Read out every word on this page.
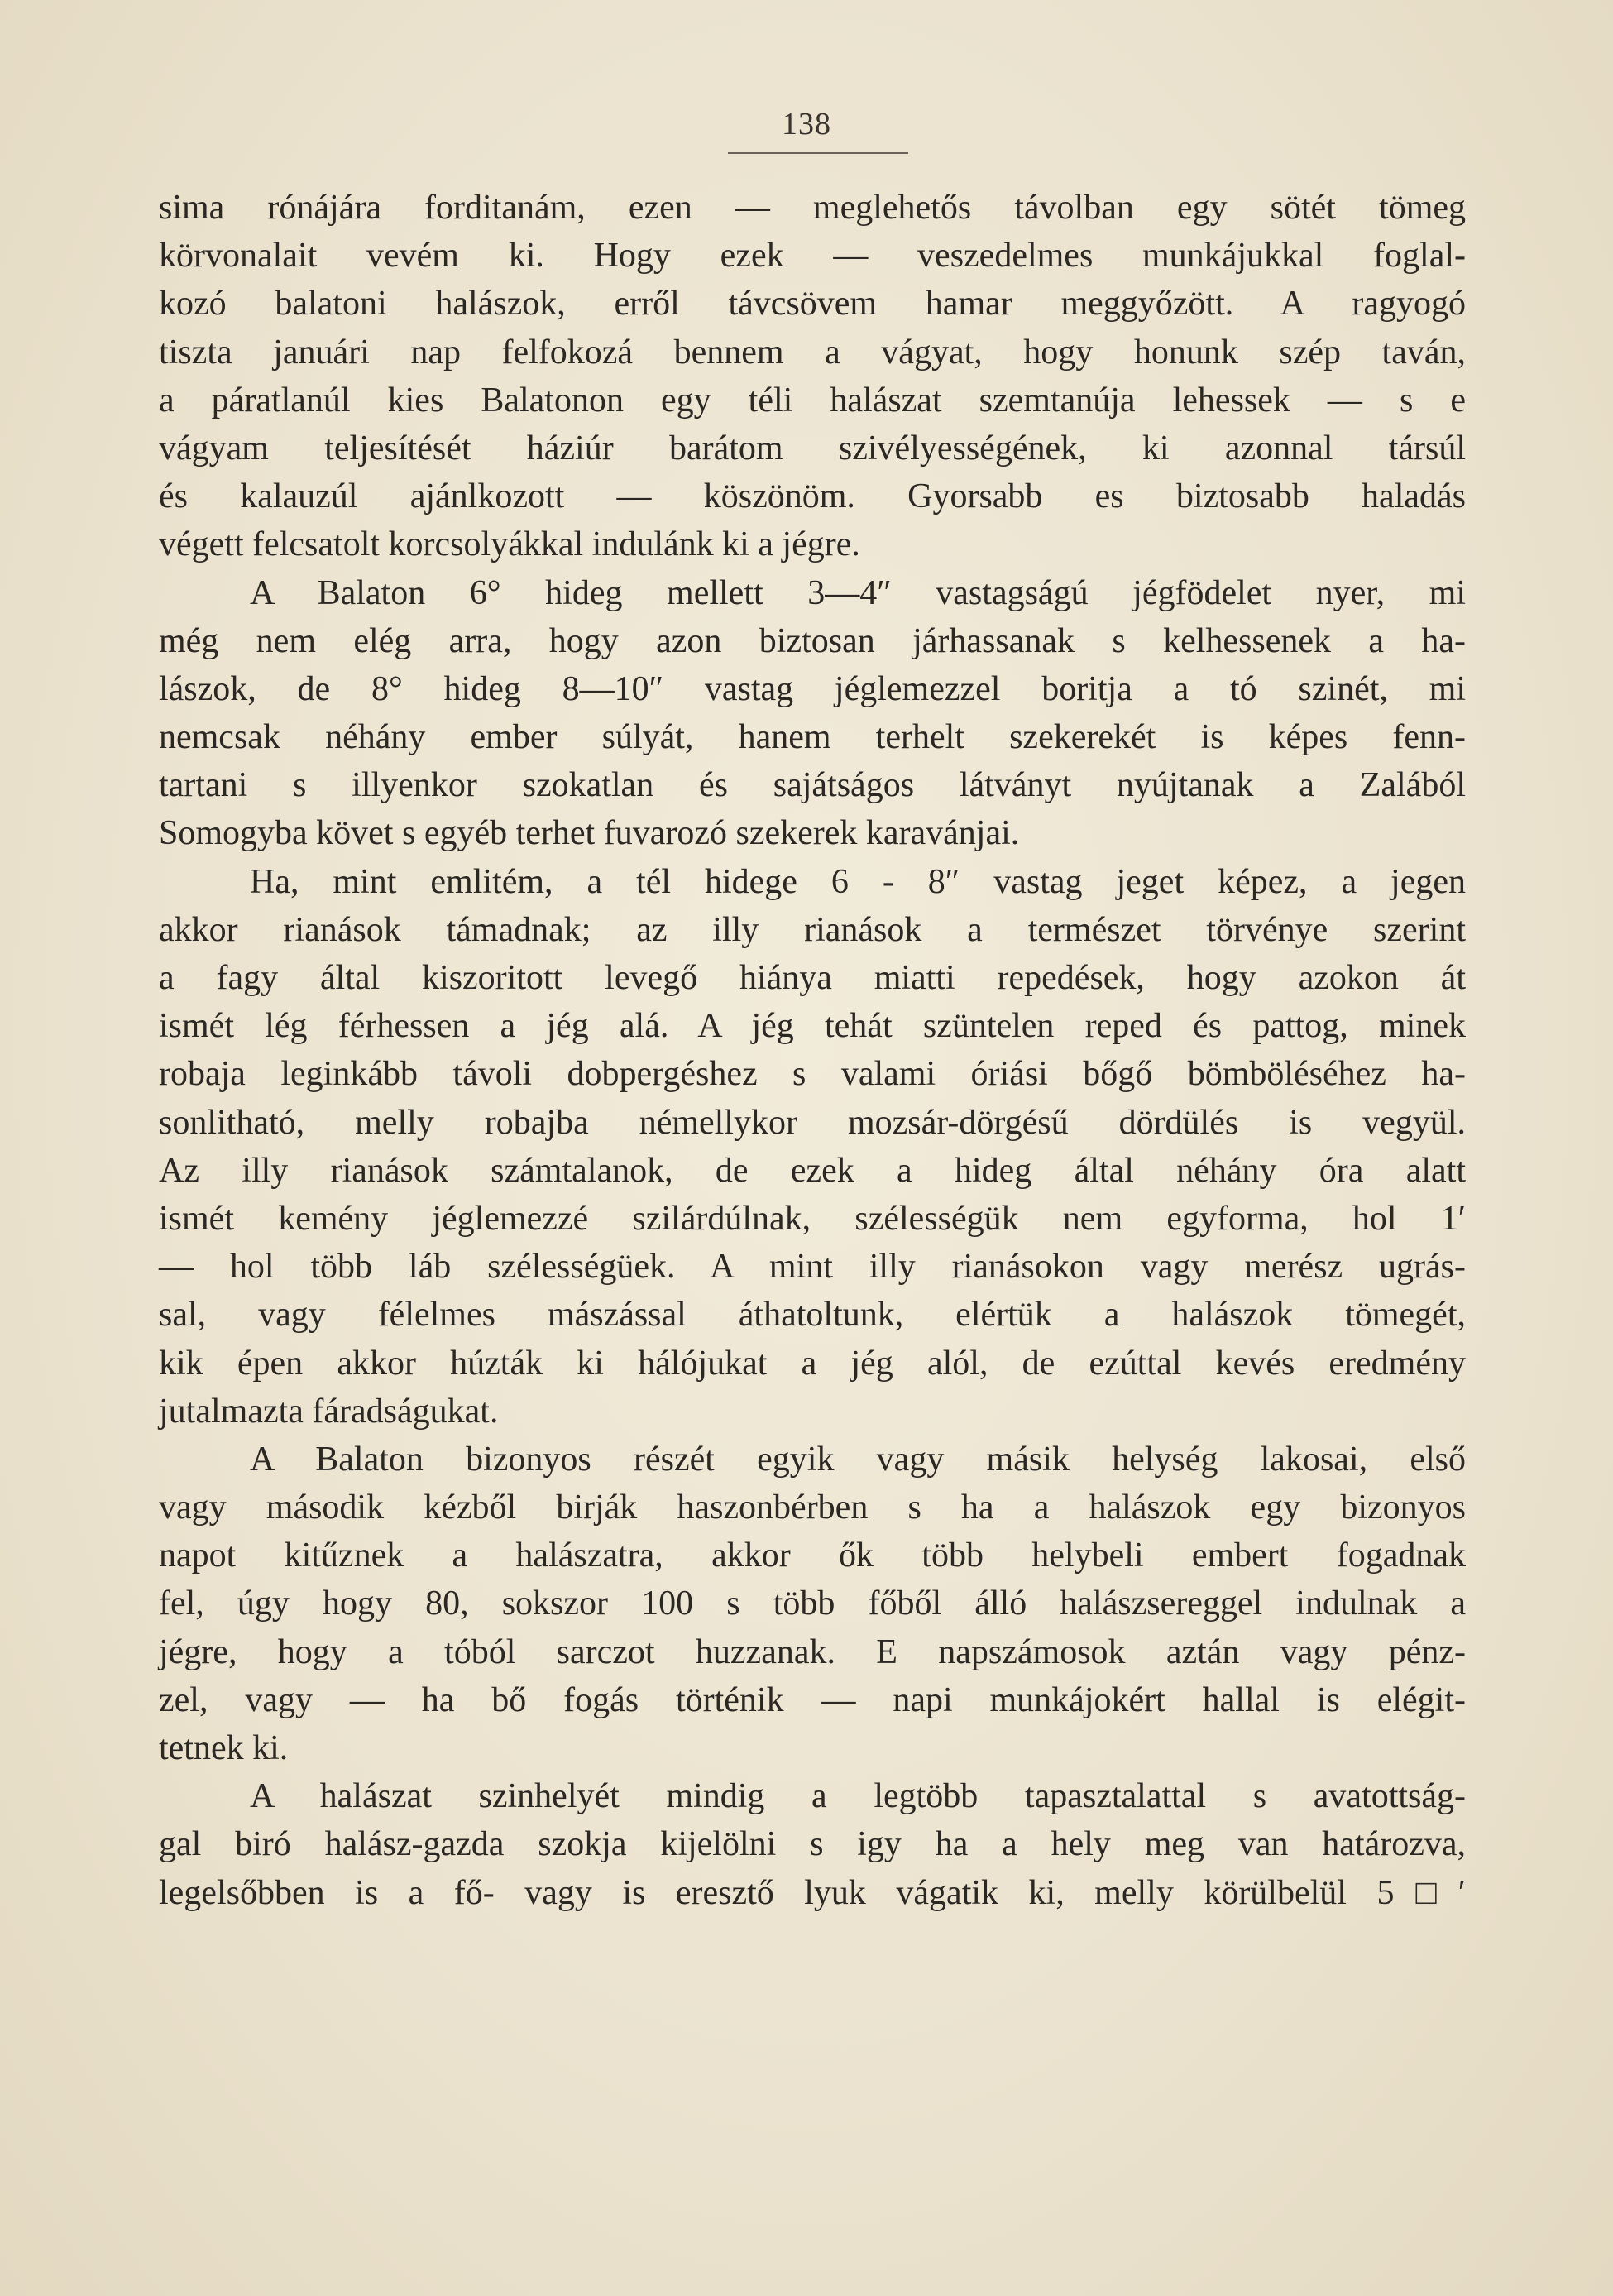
138
sima rónájára forditanám, ezen — meglehetős távolban egy sötét tömeg
körvonalait vevém ki. Hogy ezek — veszedelmes munkájukkal foglal-
kozó balatoni halászok, erről távcsövem hamar meggyőzött. A ragyogó
tiszta januári nap felfokozá bennem a vágyat, hogy honunk szép taván,
a páratlanúl kies Balatonon egy téli halászat szemtanúja lehessek — s e
vágyam teljesítését háziúr barátom szivélyességének, ki azonnal társúl
és kalauzúl ajánlkozott — köszönöm. Gyorsabb es biztosabb haladás
végett felcsatolt korcsolyákkal indulánk ki a jégre.
A Balaton 6° hideg mellett 3—4″ vastagságú jégfödelet nyer, mi
még nem elég arra, hogy azon biztosan járhassanak s kelhessenek a ha-
lászok, de 8° hideg 8—10″ vastag jéglemezzel boritja a tó szinét, mi
nemcsak néhány ember súlyát, hanem terhelt szekerekét is képes fenn-
tartani s illyenkor szokatlan és sajátságos látványt nyújtanak a Zalából
Somogyba követ s egyéb terhet fuvarozó szekerek karavánjai.
Ha, mint emlitém, a tél hidege 6 - 8″ vastag jeget képez, a jegen
akkor rianások támadnak; az illy rianások a természet törvénye szerint
a fagy által kiszoritott levegő hiánya miatti repedések, hogy azokon át
ismét lég férhessen a jég alá. A jég tehát szüntelen reped és pattog, minek
robaja leginkább távoli dobpergéshez s valami óriási bőgő bömböléséhez ha-
sonlitható, melly robajba némellykor mozsár-dörgésű dördülés is vegyül.
Az illy rianások számtalanok, de ezek a hideg által néhány óra alatt
ismét kemény jéglemezzé szilárdúlnak, szélességük nem egyforma, hol 1′
— hol több láb szélességüek. A mint illy rianásokon vagy merész ugrás-
sal, vagy félelmes mászással áthatoltunk, elértük a halászok tömegét,
kik épen akkor húzták ki hálójukat a jég alól, de ezúttal kevés eredmény
jutalmazta fáradságukat.
A Balaton bizonyos részét egyik vagy másik helység lakosai, első
vagy második kézből birják haszonbérben s ha a halászok egy bizonyos
napot kitűznek a halászatra, akkor ők több helybeli embert fogadnak
fel, úgy hogy 80, sokszor 100 s több főből álló halászsereggel indulnak a
jégre, hogy a tóból sarczot huzzanak. E napszámosok aztán vagy pénz-
zel, vagy — ha bő fogás történik — napi munkájokért hallal is elégit-
tetnek ki.
A halászat szinhelyét mindig a legtöbb tapasztalattal s avatottság-
gal biró halász-gazda szokja kijelölni s igy ha a hely meg van határozva,
legelsőbben is a fő- vagy is eresztő lyuk vágatik ki, melly körülbelül 5□′
